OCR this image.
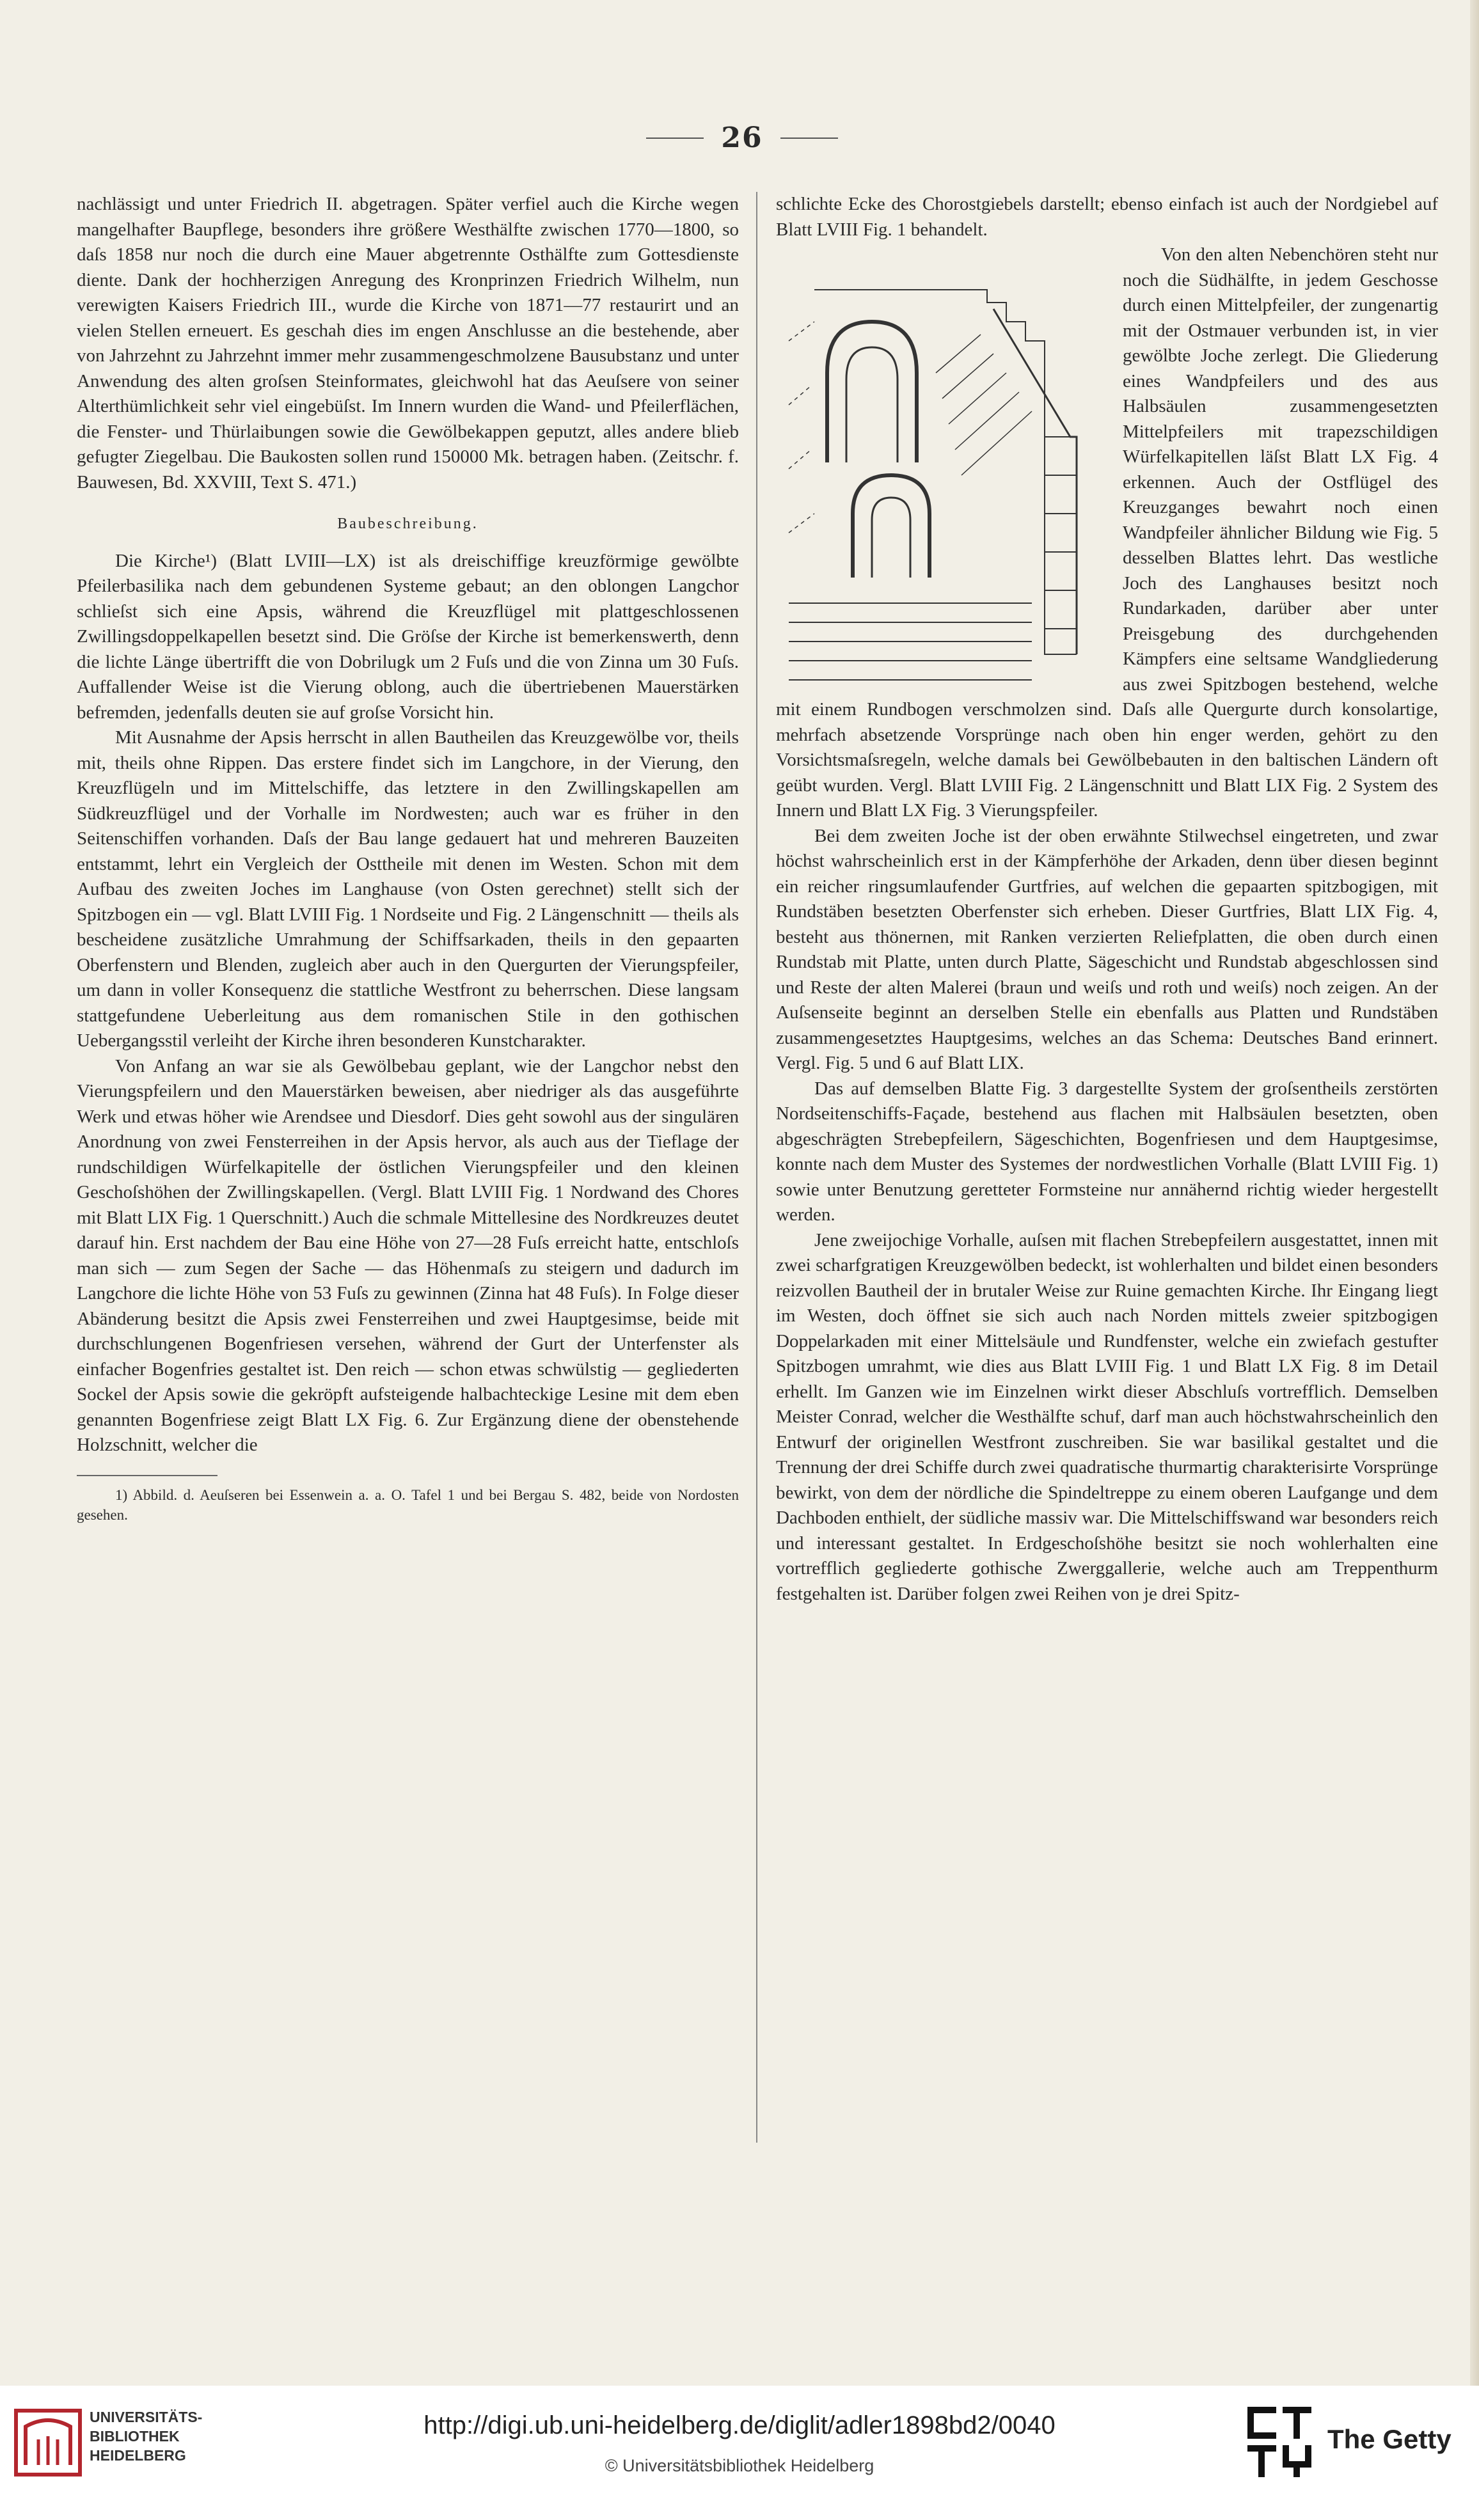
26

nachlässigt und unter Friedrich II. abgetragen. Später verfiel auch die Kirche wegen mangelhafter Baupflege, besonders ihre größere Westhälfte zwischen 1770—1800, so daſs 1858 nur noch die durch eine Mauer abgetrennte Osthälfte zum Gottesdienste diente. Dank der hochherzigen Anregung des Kronprinzen Friedrich Wilhelm, nun verewigten Kaisers Friedrich III., wurde die Kirche von 1871—77 restaurirt und an vielen Stellen erneuert. Es geschah dies im engen Anschlusse an die bestehende, aber von Jahrzehnt zu Jahrzehnt immer mehr zusammengeschmolzene Bausubstanz und unter Anwendung des alten groſsen Steinformates, gleichwohl hat das Aeuſsere von seiner Alterthümlichkeit sehr viel eingebüſst. Im Innern wurden die Wand- und Pfeilerflächen, die Fenster- und Thürlaibungen sowie die Gewölbekappen geputzt, alles andere blieb gefugter Ziegelbau. Die Baukosten sollen rund 150000 Mk. betragen haben. (Zeitschr. f. Bauwesen, Bd. XXVIII, Text S. 471.)

Baubeschreibung.

Die Kirche¹) (Blatt LVIII—LX) ist als dreischiffige kreuzförmige gewölbte Pfeilerbasilika nach dem gebundenen Systeme gebaut; an den oblongen Langchor schlieſst sich eine Apsis, während die Kreuzflügel mit plattgeschlossenen Zwillingsdoppelkapellen besetzt sind. Die Gröſse der Kirche ist bemerkenswerth, denn die lichte Länge übertrifft die von Dobrilugk um 2 Fuſs und die von Zinna um 30 Fuſs. Auffallender Weise ist die Vierung oblong, auch die übertriebenen Mauerstärken befremden, jedenfalls deuten sie auf groſse Vorsicht hin.

Mit Ausnahme der Apsis herrscht in allen Bautheilen das Kreuzgewölbe vor, theils mit, theils ohne Rippen. Das erstere findet sich im Langchore, in der Vierung, den Kreuzflügeln und im Mittelschiffe, das letztere in den Zwillingskapellen am Südkreuzflügel und der Vorhalle im Nordwesten; auch war es früher in den Seitenschiffen vorhanden. Daſs der Bau lange gedauert hat und mehreren Bauzeiten entstammt, lehrt ein Vergleich der Osttheile mit denen im Westen. Schon mit dem Aufbau des zweiten Joches im Langhause (von Osten gerechnet) stellt sich der Spitzbogen ein — vgl. Blatt LVIII Fig. 1 Nordseite und Fig. 2 Längenschnitt — theils als bescheidene zusätzliche Umrahmung der Schiffsarkaden, theils in den gepaarten Oberfenstern und Blenden, zugleich aber auch in den Quergurten der Vierungspfeiler, um dann in voller Konsequenz die stattliche Westfront zu beherrschen. Diese langsam stattgefundene Ueberleitung aus dem romanischen Stile in den gothischen Uebergangsstil verleiht der Kirche ihren besonderen Kunstcharakter.

Von Anfang an war sie als Gewölbebau geplant, wie der Langchor nebst den Vierungspfeilern und den Mauerstärken beweisen, aber niedriger als das ausgeführte Werk und etwas höher wie Arendsee und Diesdorf. Dies geht sowohl aus der singulären Anordnung von zwei Fensterreihen in der Apsis hervor, als auch aus der Tieflage der rundschildigen Würfelkapitelle der östlichen Vierungspfeiler und den kleinen Geschoſshöhen der Zwillingskapellen. (Vergl. Blatt LVIII Fig. 1 Nordwand des Chores mit Blatt LIX Fig. 1 Querschnitt.) Auch die schmale Mittellesine des Nordkreuzes deutet darauf hin. Erst nachdem der Bau eine Höhe von 27—28 Fuſs erreicht hatte, entschloſs man sich — zum Segen der Sache — das Höhenmaſs zu steigern und dadurch im Langchore die lichte Höhe von 53 Fuſs zu gewinnen (Zinna hat 48 Fuſs). In Folge dieser Abänderung besitzt die Apsis zwei Fensterreihen und zwei Hauptgesimse, beide mit durchschlungenen Bogenfriesen versehen, während der Gurt der Unterfenster als einfacher Bogenfries gestaltet ist. Den reich — schon etwas schwülstig — gegliederten Sockel der Apsis sowie die gekröpft aufsteigende halbachteckige Lesine mit dem eben genannten Bogenfriese zeigt Blatt LX Fig. 6. Zur Ergänzung diene der obenstehende Holzschnitt, welcher die

1) Abbild. d. Aeuſseren bei Essenwein a. a. O. Tafel 1 und bei Bergau S. 482, beide von Nordosten gesehen.

schlichte Ecke des Chorostgiebels darstellt; ebenso einfach ist auch der Nordgiebel auf Blatt LVIII Fig. 1 behandelt.

Von den alten Nebenchören steht nur noch die Südhälfte, in jedem Geschosse durch einen Mittelpfeiler, der zungenartig mit der Ostmauer verbunden ist, in vier gewölbte Joche zerlegt. Die Gliederung eines Wandpfeilers und des aus Halbsäulen zusammengesetzten Mittelpfeilers mit trapezschildigen Würfelkapitellen läſst Blatt LX Fig. 4 erkennen. Auch der Ostflügel des Kreuzganges bewahrt noch einen Wandpfeiler ähnlicher Bildung wie Fig. 5 desselben Blattes lehrt. Das westliche Joch des Langhauses besitzt noch Rundarkaden, darüber aber unter Preisgebung des durchgehenden Kämpfers eine seltsame Wandgliederung aus zwei Spitzbogen bestehend, welche mit einem Rundbogen verschmolzen sind. Daſs alle Quergurte durch konsolartige, mehrfach absetzende Vorsprünge nach oben hin enger werden, gehört zu den Vorsichtsmaſsregeln, welche damals bei Gewölbebauten in den baltischen Ländern oft geübt wurden. Vergl. Blatt LVIII Fig. 2 Längenschnitt und Blatt LIX Fig. 2 System des Innern und Blatt LX Fig. 3 Vierungspfeiler.

Bei dem zweiten Joche ist der oben erwähnte Stilwechsel eingetreten, und zwar höchst wahrscheinlich erst in der Kämpferhöhe der Arkaden, denn über diesen beginnt ein reicher ringsumlaufender Gurtfries, auf welchen die gepaarten spitzbogigen, mit Rundstäben besetzten Oberfenster sich erheben. Dieser Gurtfries, Blatt LIX Fig. 4, besteht aus thönernen, mit Ranken verzierten Reliefplatten, die oben durch einen Rundstab mit Platte, unten durch Platte, Sägeschicht und Rundstab abgeschlossen sind und Reste der alten Malerei (braun und weiſs und roth und weiſs) noch zeigen. An der Auſsenseite beginnt an derselben Stelle ein ebenfalls aus Platten und Rundstäben zusammengesetztes Hauptgesims, welches an das Schema: Deutsches Band erinnert. Vergl. Fig. 5 und 6 auf Blatt LIX.

Das auf demselben Blatte Fig. 3 dargestellte System der groſsentheils zerstörten Nordseitenschiffs-Façade, bestehend aus flachen mit Halbsäulen besetzten, oben abgeschrägten Strebepfeilern, Sägeschichten, Bogenfriesen und dem Hauptgesimse, konnte nach dem Muster des Systemes der nordwestlichen Vorhalle (Blatt LVIII Fig. 1) sowie unter Benutzung geretteter Formsteine nur annähernd richtig wieder hergestellt werden.

Jene zweijochige Vorhalle, auſsen mit flachen Strebepfeilern ausgestattet, innen mit zwei scharfgratigen Kreuzgewölben bedeckt, ist wohlerhalten und bildet einen besonders reizvollen Bautheil der in brutaler Weise zur Ruine gemachten Kirche. Ihr Eingang liegt im Westen, doch öffnet sie sich auch nach Norden mittels zweier spitzbogigen Doppelarkaden mit einer Mittelsäule und Rundfenster, welche ein zwiefach gestufter Spitzbogen umrahmt, wie dies aus Blatt LVIII Fig. 1 und Blatt LX Fig. 8 im Detail erhellt. Im Ganzen wie im Einzelnen wirkt dieser Abschluſs vortrefflich. Demselben Meister Conrad, welcher die Westhälfte schuf, darf man auch höchstwahrscheinlich den Entwurf der originellen Westfront zuschreiben. Sie war basilikal gestaltet und die Trennung der drei Schiffe durch zwei quadratische thurmartig charakterisirte Vorsprünge bewirkt, von dem der nördliche die Spindeltreppe zu einem oberen Laufgange und dem Dachboden enthielt, der südliche massiv war. Die Mittelschiffswand war besonders reich und interessant gestaltet. In Erdgeschoſshöhe besitzt sie noch wohlerhalten eine vortrefflich gegliederte gothische Zwerggallerie, welche auch am Treppenthurm festgehalten ist. Darüber folgen zwei Reihen von je drei Spitz-

UNIVERSITÄTS-
BIBLIOTHEK
HEIDELBERG
http://digi.ub.uni-heidelberg.de/diglit/adler1898bd2/0040
© Universitätsbibliothek Heidelberg
The Getty
